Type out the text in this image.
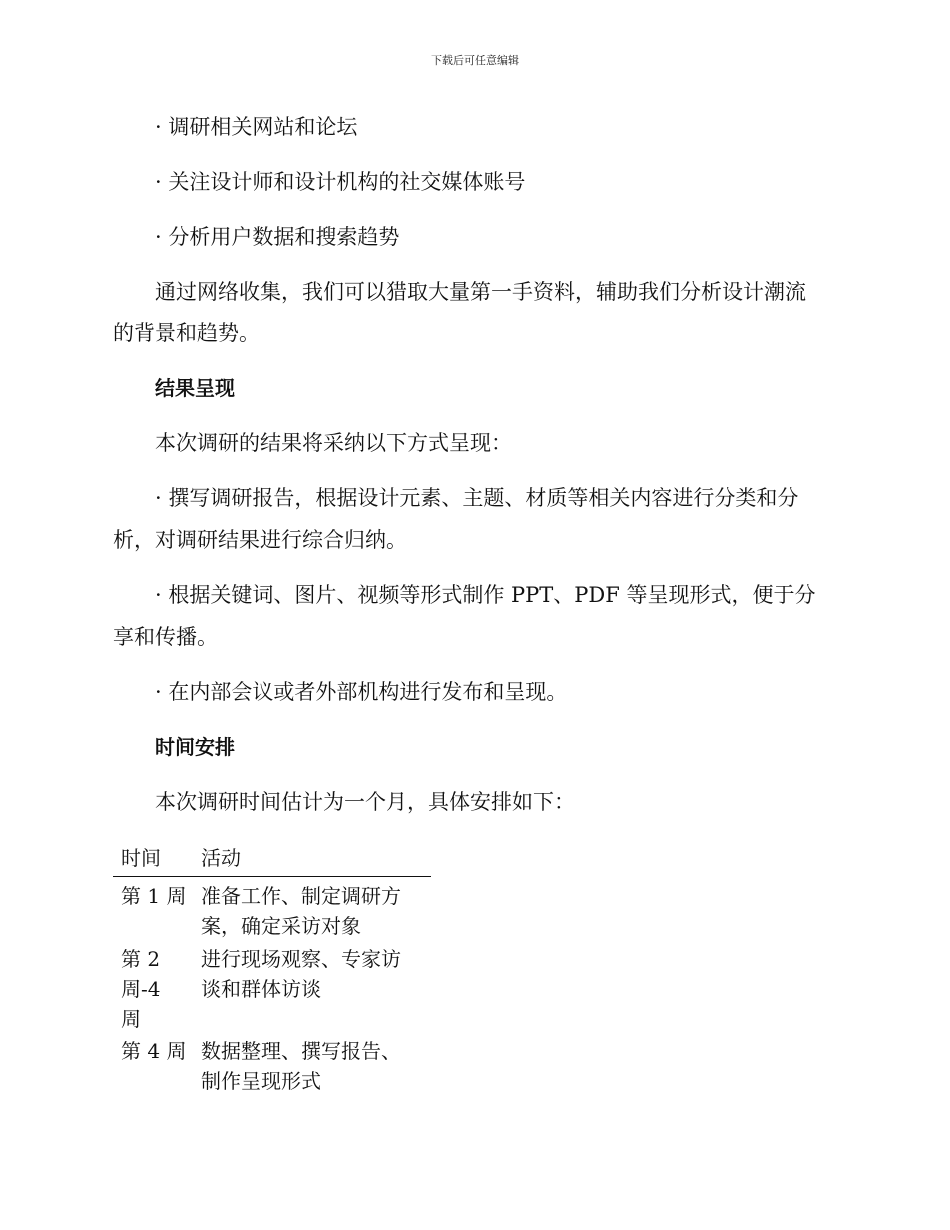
下载后可任意编辑
· 调研相关网站和论坛
· 关注设计师和设计机构的社交媒体账号
· 分析用户数据和搜索趋势
通过网络收集，我们可以猎取大量第一手资料，辅助我们分析设计潮流
的背景和趋势。
结果呈现
本次调研的结果将采纳以下方式呈现：
· 撰写调研报告，根据设计元素、主题、材质等相关内容进行分类和分
析，对调研结果进行综合归纳。
· 根据关键词、图片、视频等形式制作 PPT、PDF 等呈现形式，便于分
享和传播。
· 在内部会议或者外部机构进行发布和呈现。
时间安排
本次调研时间估计为一个月，具体安排如下：
时间	活动
第 1 周 准备工作、制定调研方
案，确定采访对象
第 2
周-4
周
进行现场观察、专家访
谈和群体访谈
第 4 周 数据整理、撰写报告、
制作呈现形式
